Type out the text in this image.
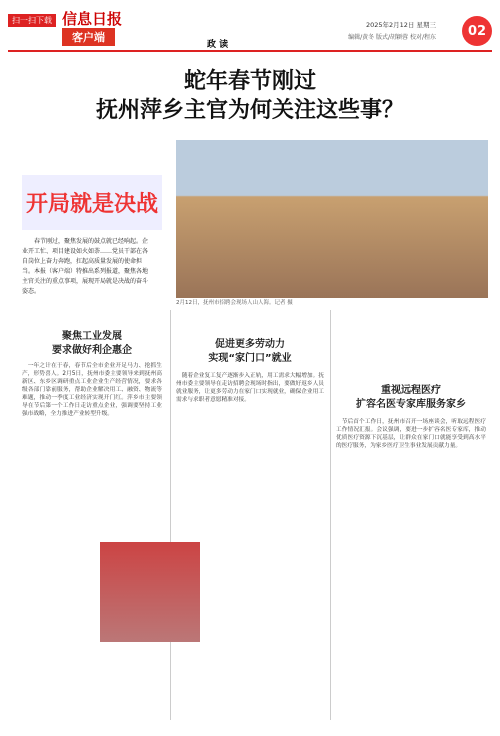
扫一扫下载 信息日报
客户端
政 读
2025年2月12日 星期三
编辑/黄冬 版式/胡颖蓉 校对/程东	02
蛇年春节刚过
抚州萍乡主官为何关注这些事？
开局就是决战
春节刚过，聚焦发展的鼓点就已经响起。企业开工忙、项目建设如火如荼……党员干部在各自岗位上奋力奔跑，扛起高质量发展的使命担当。本报（客户端）特推出系列报道，聚焦各地主官关注的重点事项，展现开局就是决战的奋斗姿态。
2月12日，抚州市招聘会现场人山人海。记者 摄
聚焦工业发展
要求做好利企惠企
一年之计在于春，春节后全市企业开足马力、抢抓生产，形势喜人。2月5日，抚州市委主要领导来到抚州高新区、东乡区调研重点工业企业生产经营情况，要求各级各部门靠前服务，帮助企业解决用工、融资、物流等难题，推动一季度工业经济实现开门红。萍乡市主要领导在节后第一个工作日走访重点企业，强调要坚持工业强市战略，全力推进产业转型升级。
促进更多劳动力
实现“家门口”就业
随着企业复工复产逐渐步入正轨，用工需求大幅增加。抚州市委主要领导在走访招聘会现场时指出，要做好返乡人员就业服务，让更多劳动力在家门口实现就业，确保企业用工需求与求职者意愿精准对接。
重视远程医疗
扩容名医专家库服务家乡
节后首个工作日，抚州市召开一场座谈会，听取远程医疗工作情况汇报。会议强调，要进一步扩容名医专家库，推动优质医疗资源下沉基层，让群众在家门口就能享受到高水平的医疗服务，为家乡医疗卫生事业发展贡献力量。
